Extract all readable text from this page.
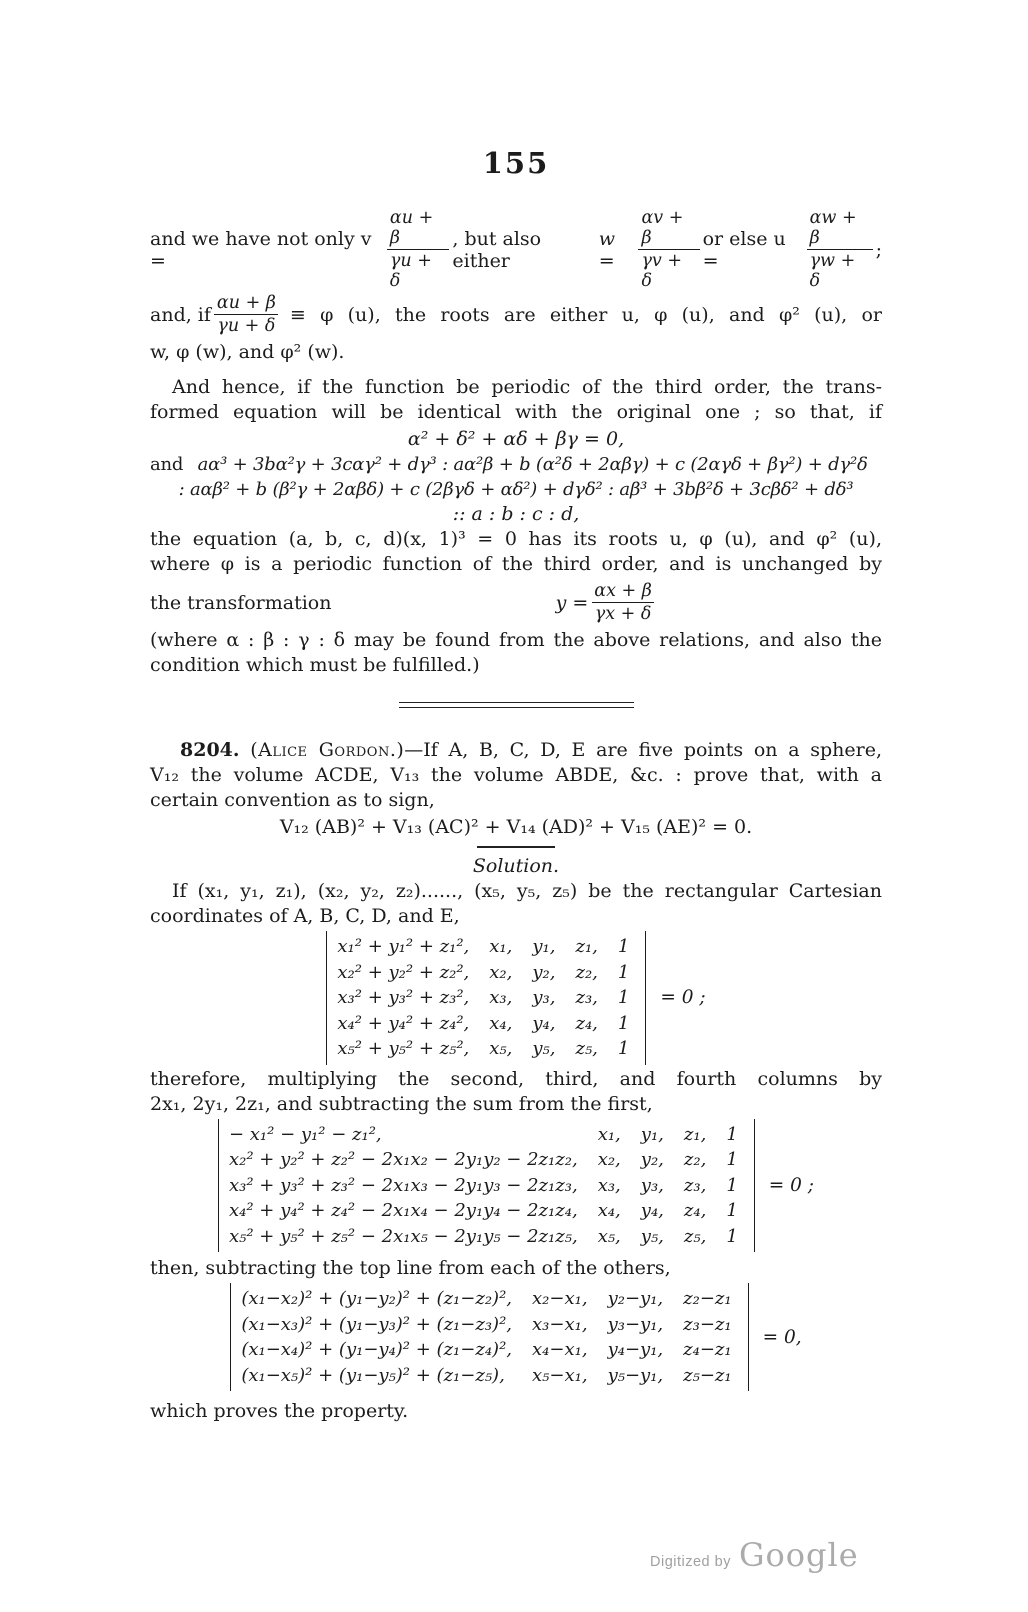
155
and we have not only v =	$\frac{\alpha u + \beta}{\gamma u + \delta}$ , but also either
w =	$\frac{\alpha v + \beta}{\gamma v + \delta}$ or else u =	$\frac{\alpha w + \beta}{\gamma w + \delta}$ ;
and, if $\frac{\alpha u + \beta}{\gamma u + \delta} \equiv \varphi$ (u), the roots are either u, φ (u), and φ² (u), or
w, φ (w), and φ² (w).
And hence, if the function be periodic of the third order, the trans-
formed equation will be identical with the original one ; so that, if
α² + δ² + αδ + βγ = 0,
and aα³ + 3bα²γ + 3cαγ² + dγ³ : aα²β + b (α²δ + 2αβγ) + c (2αγδ + βγ²) + dγ²δ
: aαβ² + b (β²γ + 2αβδ) + c (2βγδ + αδ²) + dγδ² : aβ³ + 3bβ²δ + 3cβδ² + dδ³
:: a : b : c : d,
the equation (a, b, c, d)(x, 1)³ = 0 has its roots u, φ (u), and φ² (u),
where φ is a periodic function of the third order, and is unchanged by
the transformation	$y = \frac{\alpha x + \beta}{\gamma x + \delta}$
(where α : β : γ : δ may be found from the above relations, and also the
condition which must be fulfilled.)
8204. (Alice Gordon.)—If A, B, C, D, E are five points on a sphere,
V₁₂ the volume ACDE, V₁₃ the volume ABDE, &c. : prove that, with a
certain convention as to sign,
V₁₂ (AB)² + V₁₃ (AC)² + V₁₄ (AD)² + V₁₅ (AE)² = 0.
Solution.
If (x₁, y₁, z₁), (x₂, y₂, z₂)......, (x₅, y₅, z₅) be the rectangular Cartesian
coordinates of A, B, C, D, and E,
x₁² + y₁² + z₁²,	x₁,	y₁,	z₁,	1
x₂² + y₂² + z₂²,	x₂,	y₂,	z₂,	1
x₃² + y₃² + z₃²,	x₃,	y₃,	z₃,	1
x₄² + y₄² + z₄²,	x₄,	y₄,	z₄,	1
x₅² + y₅² + z₅²,	x₅,	y₅,	z₅,	1
= 0 ;
therefore, multiplying the second, third, and fourth columns by
2x₁, 2y₁, 2z₁, and subtracting the sum from the first,
− x₁² − y₁² − z₁²,	x₁,	y₁,	z₁,	1
x₂² + y₂² + z₂² − 2x₁x₂ − 2y₁y₂ − 2z₁z₂,	x₂,	y₂,	z₂,	1
x₃² + y₃² + z₃² − 2x₁x₃ − 2y₁y₃ − 2z₁z₃,	x₃,	y₃,	z₃,	1
x₄² + y₄² + z₄² − 2x₁x₄ − 2y₁y₄ − 2z₁z₄,	x₄,	y₄,	z₄,	1
x₅² + y₅² + z₅² − 2x₁x₅ − 2y₁y₅ − 2z₁z₅,	x₅,	y₅,	z₅,	1
= 0 ;
then, subtracting the top line from each of the others,
(x₁−x₂)² + (y₁−y₂)² + (z₁−z₂)²,	x₂−x₁,	y₂−y₁,	z₂−z₁
(x₁−x₃)² + (y₁−y₃)² + (z₁−z₃)²,	x₃−x₁,	y₃−y₁,	z₃−z₁
(x₁−x₄)² + (y₁−y₄)² + (z₁−z₄)²,	x₄−x₁,	y₄−y₁,	z₄−z₁
(x₁−x₅)² + (y₁−y₅)² + (z₁−z₅),	x₅−x₁,	y₅−y₁,	z₅−z₁
= 0,
which proves the property.
Digitized by Google
